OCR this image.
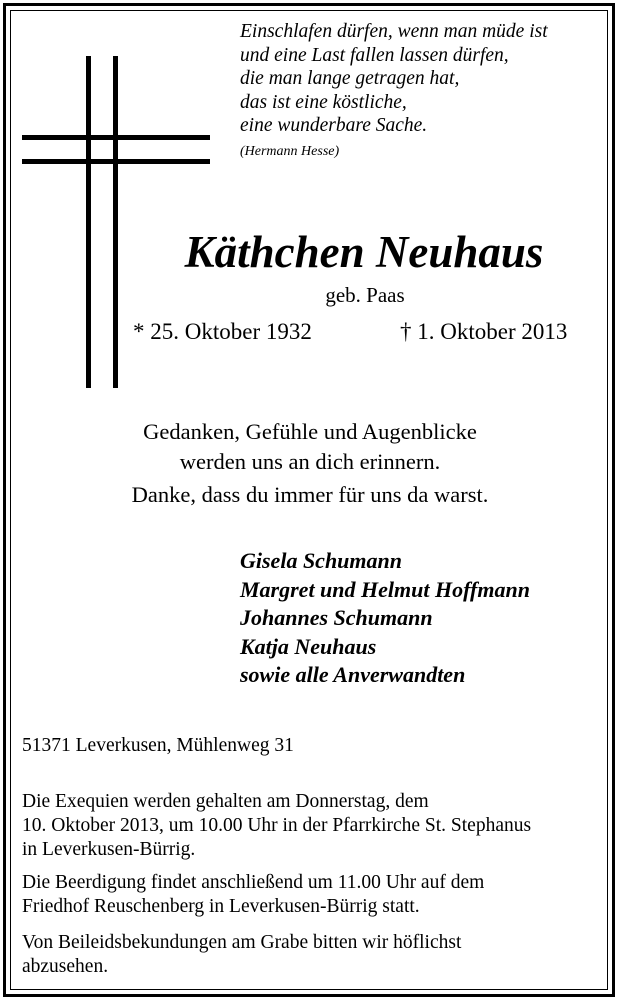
Einschlafen dürfen, wenn man müde ist
und eine Last fallen lassen dürfen,
die man lange getragen hat,
das ist eine köstliche,
eine wunderbare Sache.
(Hermann Hesse)
Käthchen Neuhaus
geb. Paas
* 25. Oktober 1932	† 1. Oktober 2013
Gedanken, Gefühle und Augenblicke
werden uns an dich erinnern.
Danke, dass du immer für uns da warst.
Gisela Schumann
Margret und Helmut Hoffmann
Johannes Schumann
Katja Neuhaus
sowie alle Anverwandten
51371 Leverkusen, Mühlenweg 31
Die Exequien werden gehalten am Donnerstag, dem
10. Oktober 2013, um 10.00 Uhr in der Pfarrkirche St. Stephanus
in Leverkusen-Bürrig.
Die Beerdigung findet anschließend um 11.00 Uhr auf dem
Friedhof Reuschenberg in Leverkusen-Bürrig statt.
Von Beileidsbekundungen am Grabe bitten wir höflichst
abzusehen.
